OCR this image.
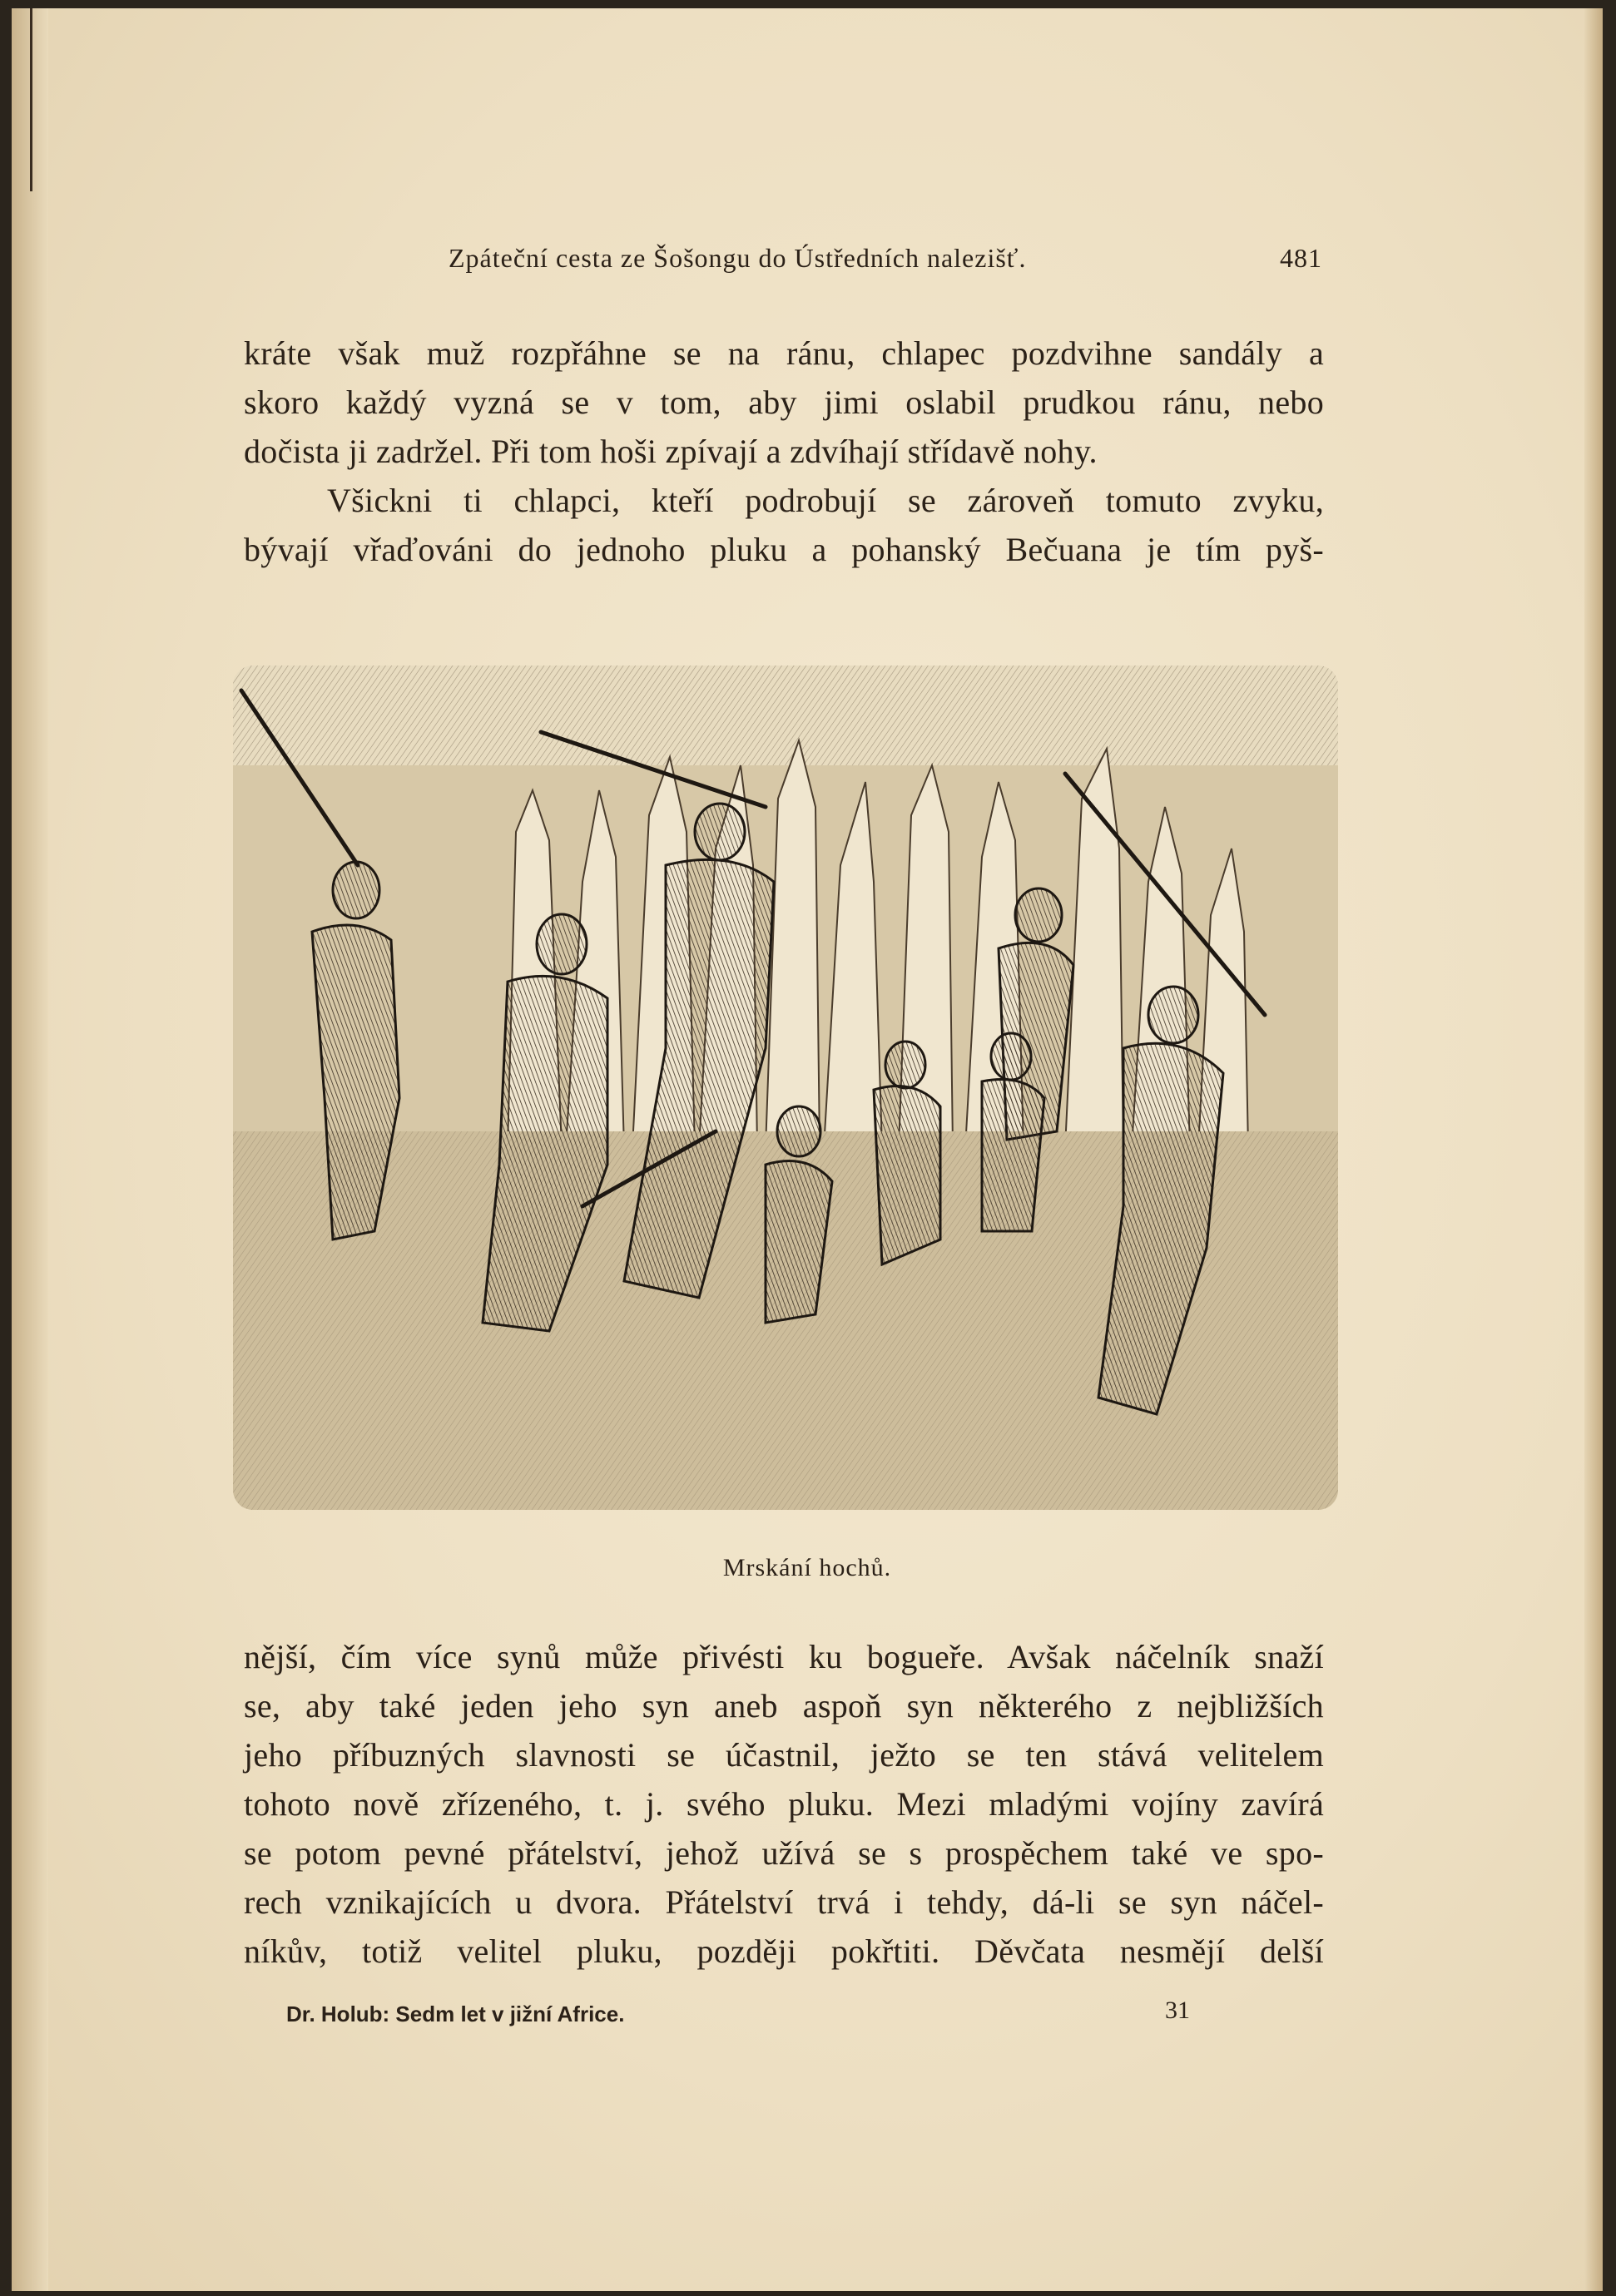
Zpáteční cesta ze Šošongu do Ústředních nalezišť.	481
kráte však muž rozpřáhne se na ránu, chlapec pozdvihne sandály a
skoro každý vyzná se v tom, aby jimi oslabil prudkou ránu, nebo
dočista ji zadržel. Při tom hoši zpívají a zdvíhají střídavě nohy.
Všickni ti chlapci, kteří podrobují se zároveň tomuto zvyku,
bývají vřaďováni do jednoho pluku a pohanský Bečuana je tím pyš-
Mrskání hochů.
nější, čím více synů může přivésti ku bogueře. Avšak náčelník snaží
se, aby také jeden jeho syn aneb aspoň syn některého z nejbližších
jeho příbuzných slavnosti se účastnil, ježto se ten stává velitelem
tohoto nově zřízeného, t. j. svého pluku. Mezi mladými vojíny zavírá
se potom pevné přátelství, jehož užívá se s prospěchem také ve spo-
rech vznikajících u dvora. Přátelství trvá i tehdy, dá-li se syn náčel-
níkův, totiž velitel pluku, později pokřtiti. Děvčata nesmějí delší
Dr. Holub: Sedm let v jižní Africe.	31
